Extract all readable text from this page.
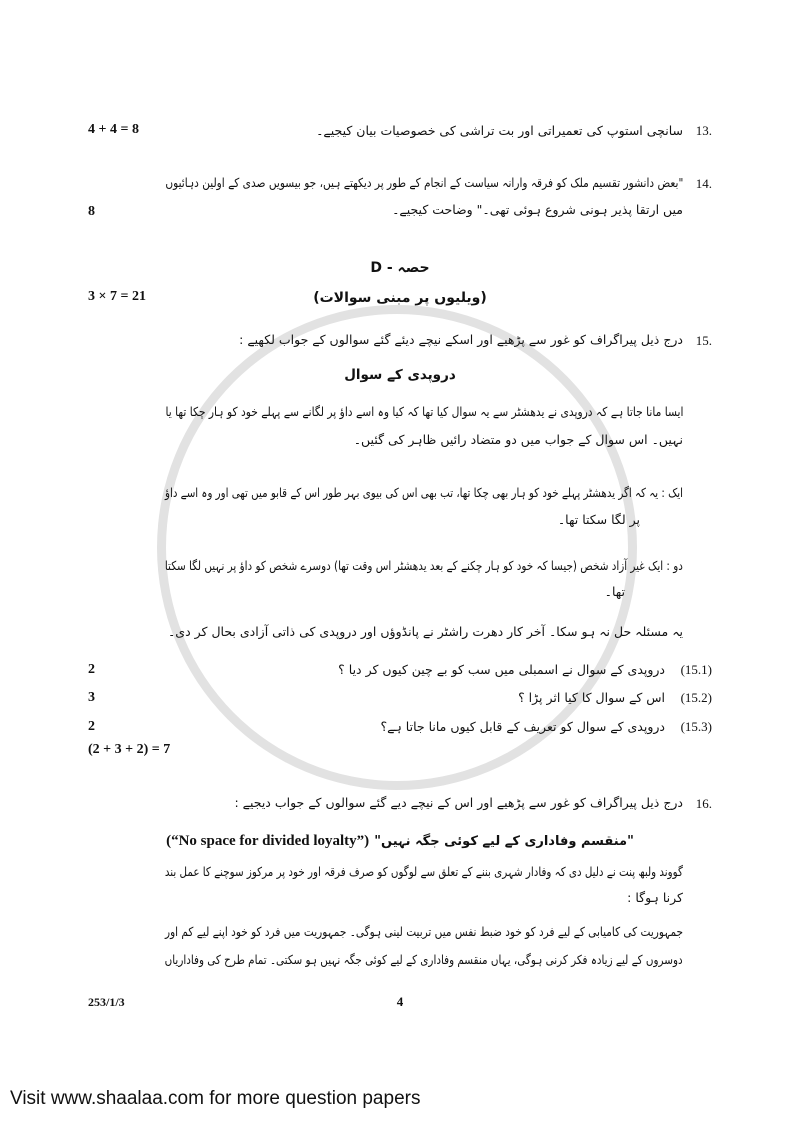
13.
سانچی استوپ کی تعمیراتی اور بت تراشی کی خصوصیات بیان کیجیے۔
4 + 4 = 8
14.
"بعض دانشور تقسیم ملک کو فرقہ وارانہ سیاست کے انجام کے طور پر دیکھتے ہیں، جو بیسویں صدی کے اولین دہائیوں
میں ارتقا پذیر ہونی شروع ہوئی تھی۔" وضاحت کیجیے۔
8
حصہ - D
(ویلیوں پر مبنی سوالات)
3 × 7 = 21
15.
درج ذیل پیراگراف کو غور سے پڑھیے اور اسکے نیچے دیئے گئے سوالوں کے جواب لکھیے :
دروپدی کے سوال
ایسا مانا جاتا ہے کہ دروپدی نے یدھشٹر سے یہ سوال کیا تھا کہ کیا وہ اسے داؤ پر لگانے سے پہلے خود کو ہار چکا تھا یا
نہیں۔ اس سوال کے جواب میں دو متضاد رائیں ظاہر کی گئیں۔
ایک : یہ کہ اگر یدھشٹر پہلے خود کو ہار بھی چکا تھا، تب بھی اس کی بیوی بہر طور اس کے قابو میں تھی اور وہ اسے داؤ
پر لگا سکتا تھا۔
دو : ایک غیر آزاد شخص (جیسا کہ خود کو ہار چکنے کے بعد یدھشٹر اس وقت تھا) دوسرے شخص کو داؤ پر نہیں لگا سکتا
تھا۔
یہ مسئلہ حل نہ ہو سکا۔ آخر کار دھرت راشٹر نے پانڈوؤں اور دروپدی کی ذاتی آزادی بحال کر دی۔
(15.1)
دروپدی کے سوال نے اسمبلی میں سب کو بے چین کیوں کر دیا ؟
2
(15.2)
اس کے سوال کا کیا اثر پڑا ؟
3
(15.3)
دروپدی کے سوال کو تعریف کے قابل کیوں مانا جاتا ہے؟
2
(2 + 3 + 2) = 7
16.
درج ذیل پیراگراف کو غور سے پڑھیے اور اس کے نیچے دیے گئے سوالوں کے جواب دیجیے :
(“No space for divided loyalty”) "منقسم وفاداری کے لیے کوئی جگہ نہیں"
گووند ولبھ پنت نے دلیل دی کہ وفادار شہری بننے کے تعلق سے لوگوں کو صرف فرقہ اور خود پر مرکوز سوچنے کا عمل بند
کرنا ہوگا :
جمہوریت کی کامیابی کے لیے فرد کو خود ضبط نفس میں تربیت لینی ہوگی۔ جمہوریت میں فرد کو خود اپنے لیے کم اور
دوسروں کے لیے زیادہ فکر کرنی ہوگی، یہاں منقسم وفاداری کے لیے کوئی جگہ نہیں ہو سکتی۔ تمام طرح کی وفاداریاں
253/1/3	4
Visit www.shaalaa.com for more question papers
